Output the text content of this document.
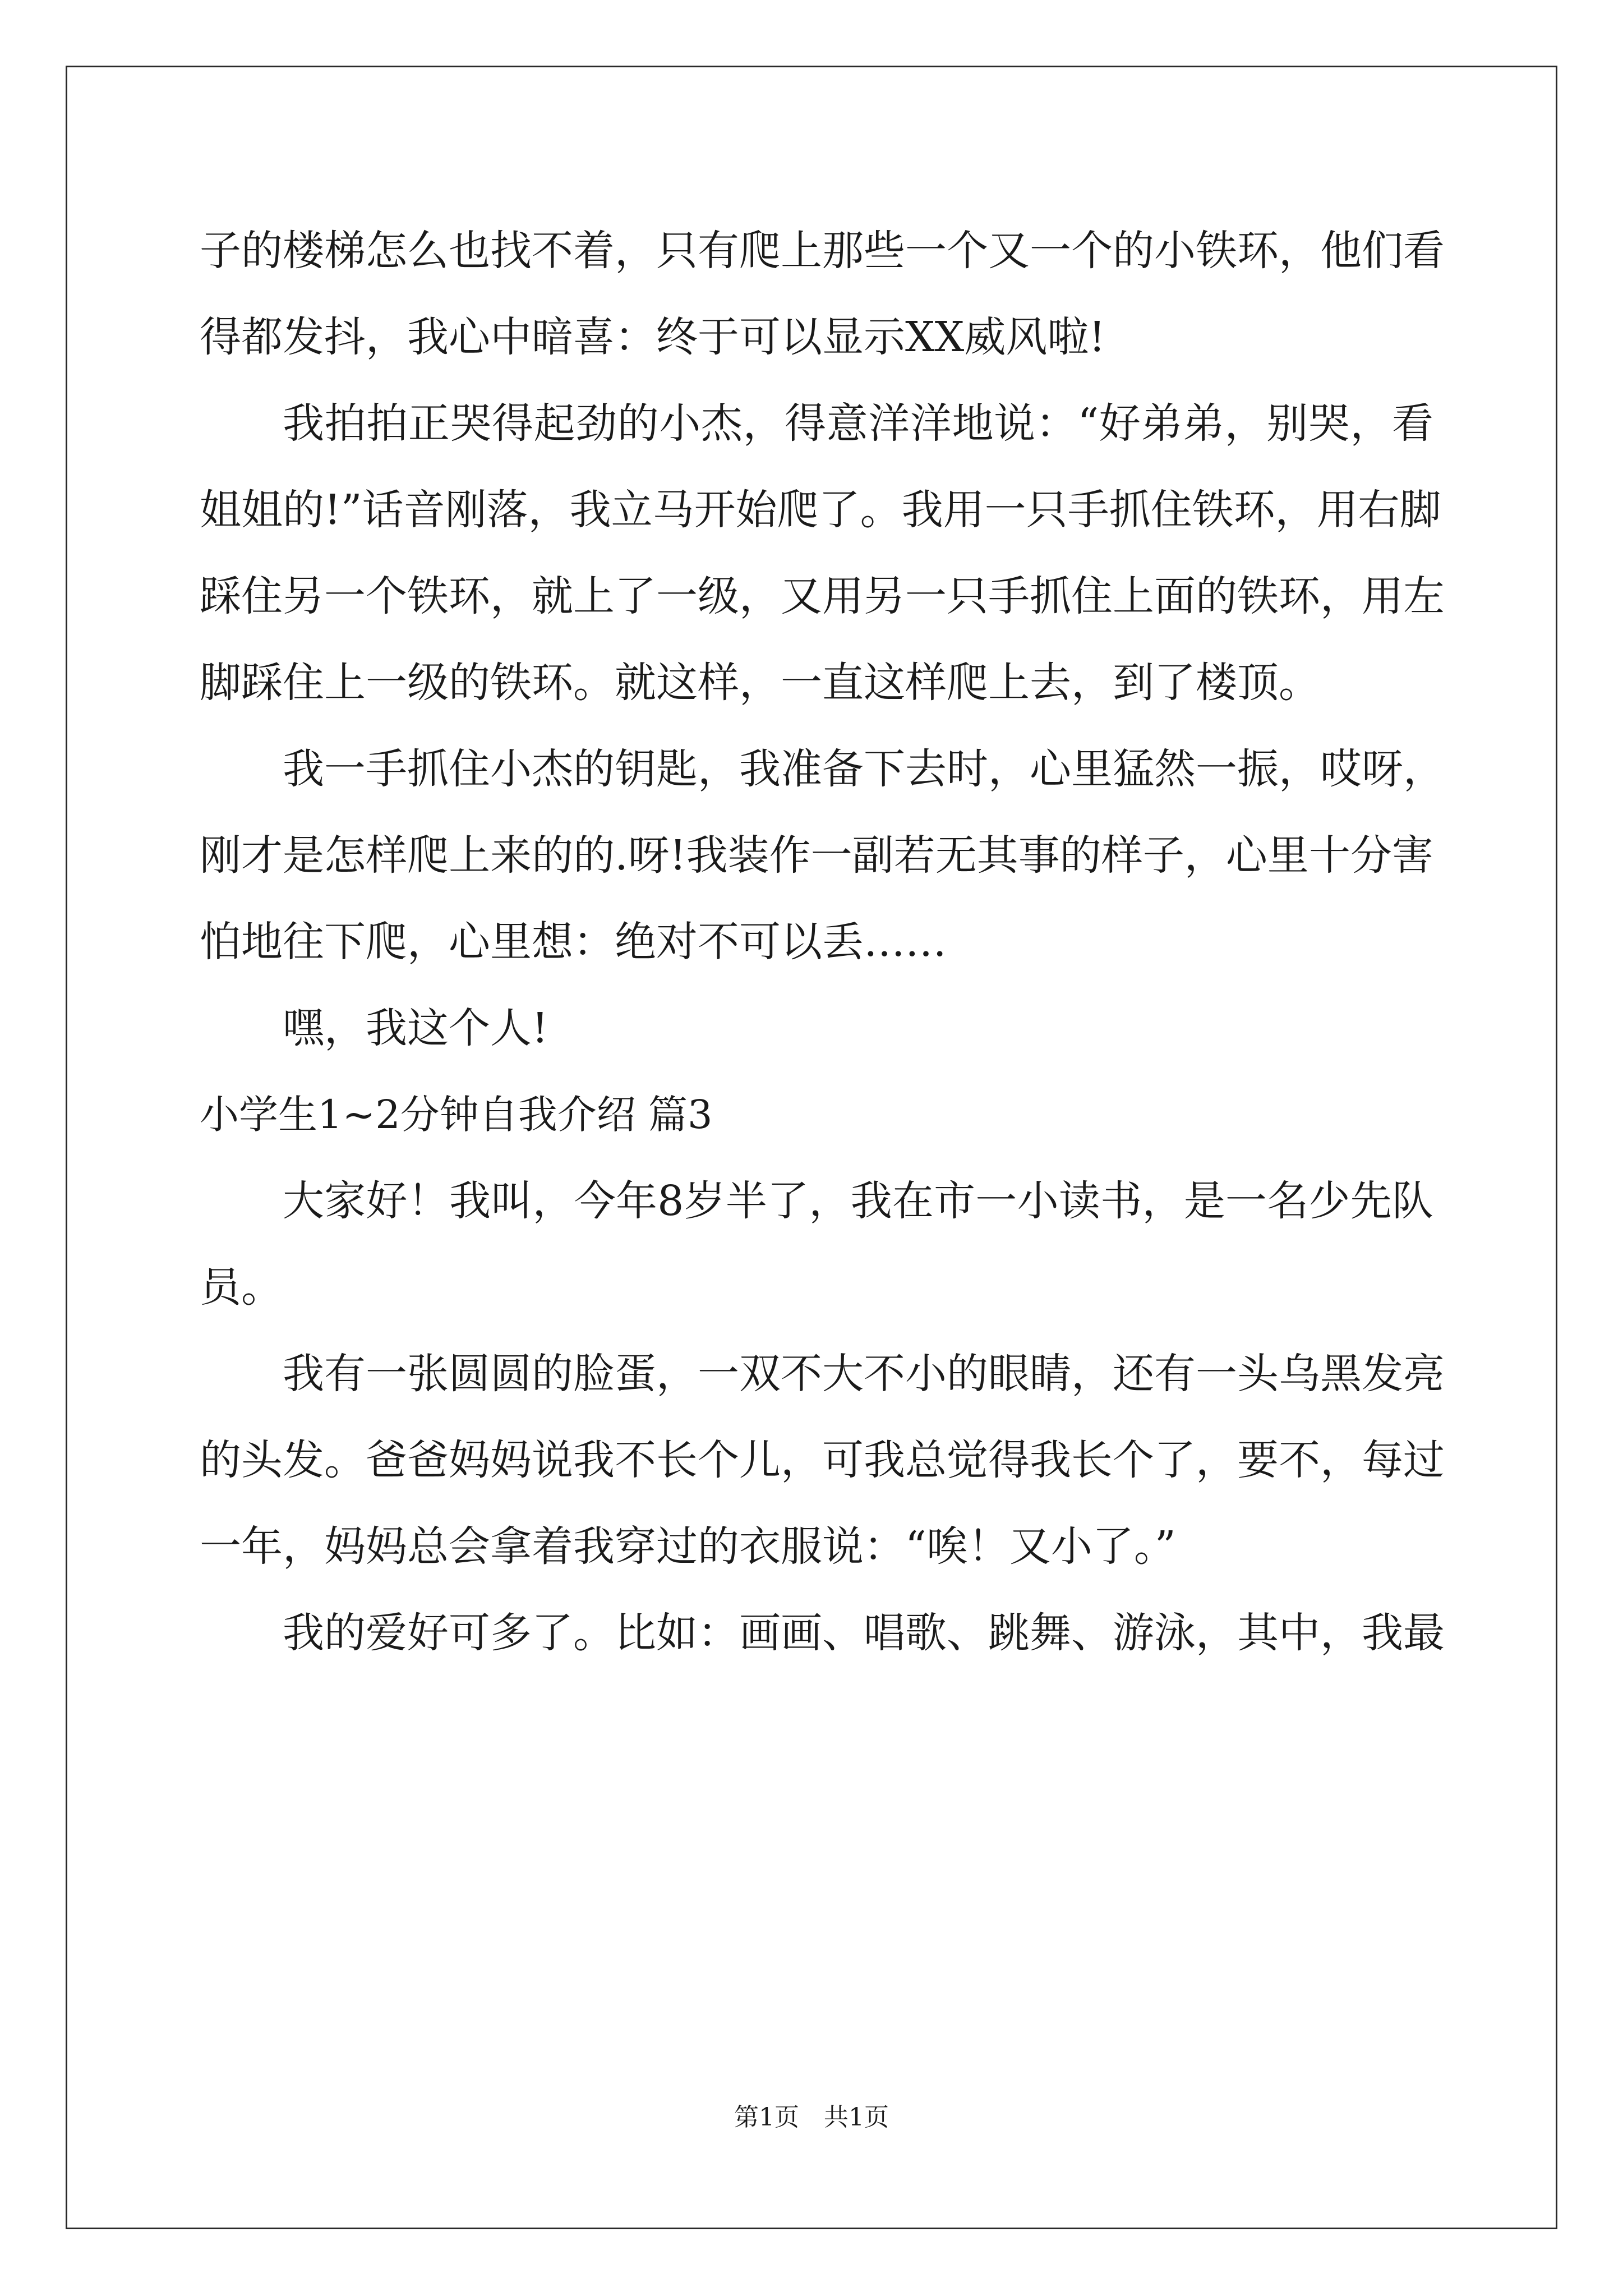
子的楼梯怎么也找不着，只有爬上那些一个又一个的小铁环，他们看
得都发抖，我心中暗喜：终于可以显示XX威风啦!
我拍拍正哭得起劲的小杰，得意洋洋地说：“好弟弟，别哭，看
姐姐的!”话音刚落，我立马开始爬了。我用一只手抓住铁环，用右脚
踩住另一个铁环，就上了一级，又用另一只手抓住上面的铁环，用左
脚踩住上一级的铁环。就这样，一直这样爬上去，到了楼顶。
我一手抓住小杰的钥匙，我准备下去时，心里猛然一振，哎呀，
刚才是怎样爬上来的的.呀!我装作一副若无其事的样子，心里十分害
怕地往下爬，心里想：绝对不可以丢……
嘿，我这个人!
小学生1~2分钟自我介绍 篇3
大家好！我叫，今年8岁半了，我在市一小读书，是一名少先队
员。
我有一张圆圆的脸蛋，一双不大不小的眼睛，还有一头乌黑发亮
的头发。爸爸妈妈说我不长个儿，可我总觉得我长个了，要不，每过
一年，妈妈总会拿着我穿过的衣服说：“唉！又小了。”
我的爱好可多了。比如：画画、唱歌、跳舞、游泳，其中，我最
第1页 共1页
